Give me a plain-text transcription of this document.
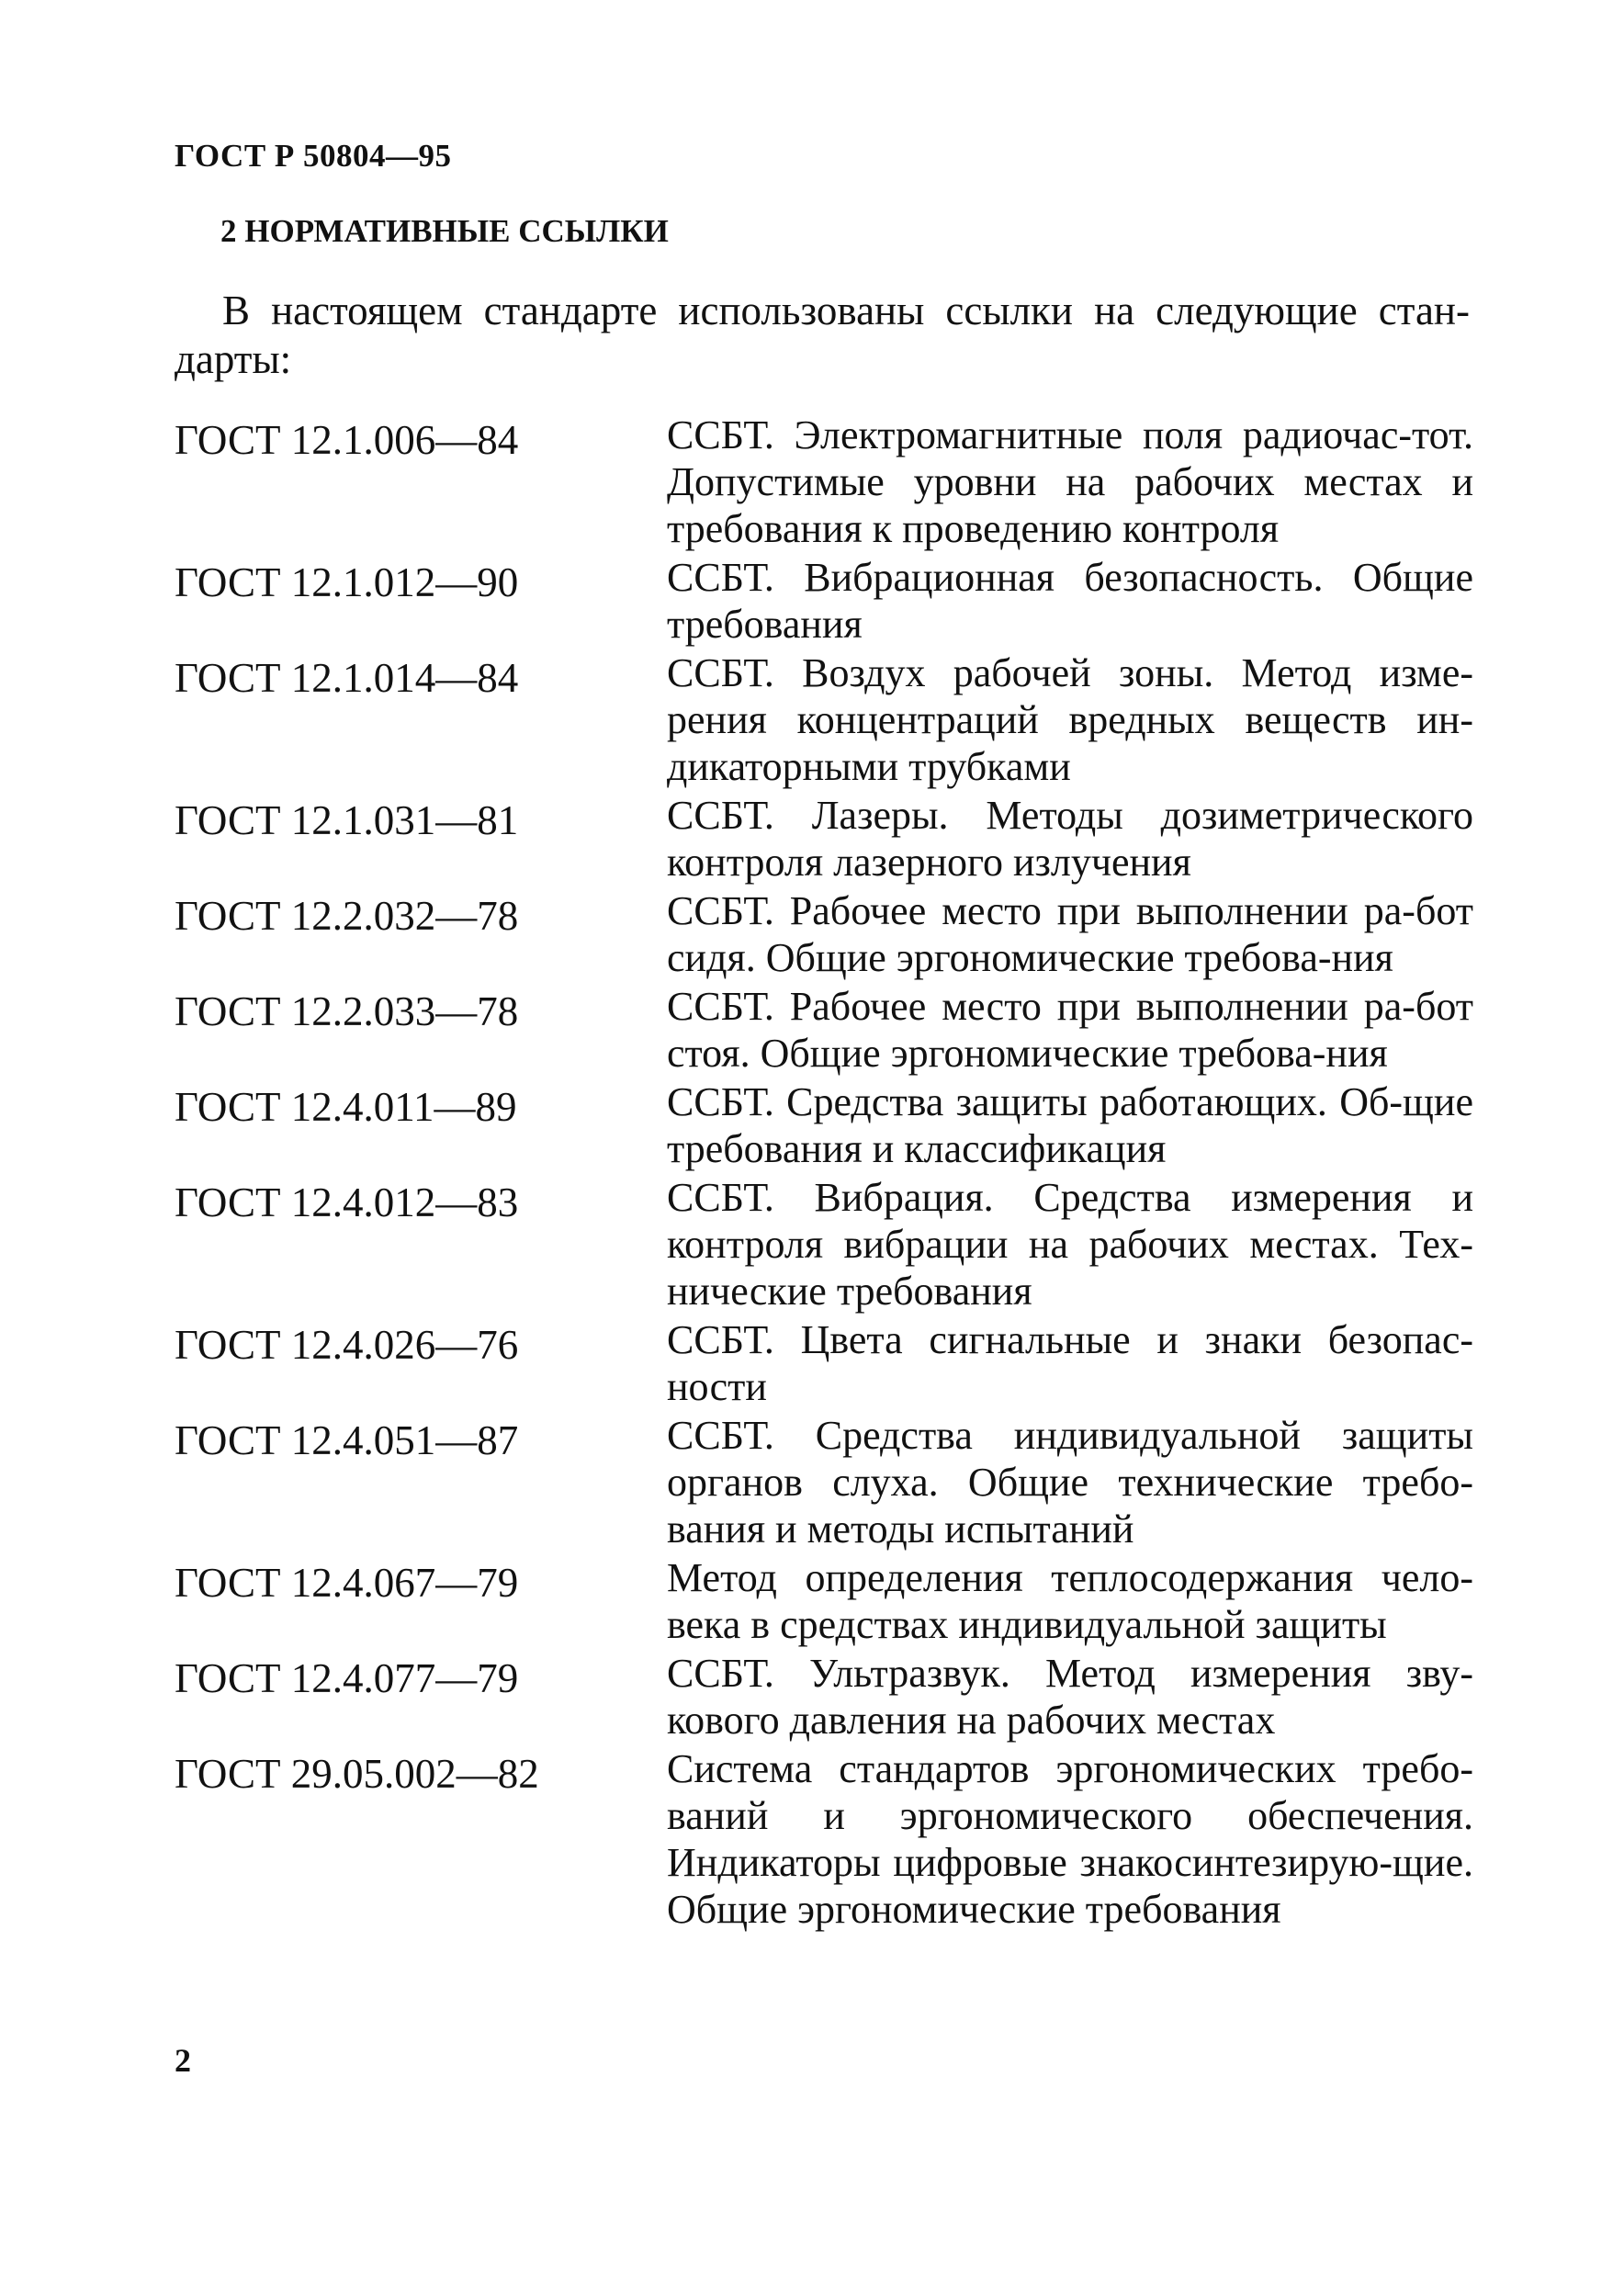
ГОСТ Р 50804—95
2 НОРМАТИВНЫЕ ССЫЛКИ
В настоящем стандарте использованы ссылки на следующие стан-дарты:
ГОСТ 12.1.006—84	ССБТ. Электромагнитные поля радиочас-тот. Допустимые уровни на рабочих местах и требования к проведению контроля
ГОСТ 12.1.012—90	ССБТ. Вибрационная безопасность. Общие требования
ГОСТ 12.1.014—84	ССБТ. Воздух рабочей зоны. Метод изме-рения концентраций вредных веществ ин-дикаторными трубками
ГОСТ 12.1.031—81	ССБТ. Лазеры. Методы дозиметрического контроля лазерного излучения
ГОСТ 12.2.032—78	ССБТ. Рабочее место при выполнении ра-бот сидя. Общие эргономические требова-ния
ГОСТ 12.2.033—78	ССБТ. Рабочее место при выполнении ра-бот стоя. Общие эргономические требова-ния
ГОСТ 12.4.011—89	ССБТ. Средства защиты работающих. Об-щие требования и классификация
ГОСТ 12.4.012—83	ССБТ. Вибрация. Средства измерения и контроля вибрации на рабочих местах. Тех-нические требования
ГОСТ 12.4.026—76	ССБТ. Цвета сигнальные и знаки безопас-ности
ГОСТ 12.4.051—87	ССБТ. Средства индивидуальной защиты органов слуха. Общие технические требо-вания и методы испытаний
ГОСТ 12.4.067—79	Метод определения теплосодержания чело-века в средствах индивидуальной защиты
ГОСТ 12.4.077—79	ССБТ. Ультразвук. Метод измерения зву-кового давления на рабочих местах
ГОСТ 29.05.002—82	Система стандартов эргономических требо-ваний и эргономического обеспечения. Индикаторы цифровые знакосинтезирую-щие. Общие эргономические требования
2
